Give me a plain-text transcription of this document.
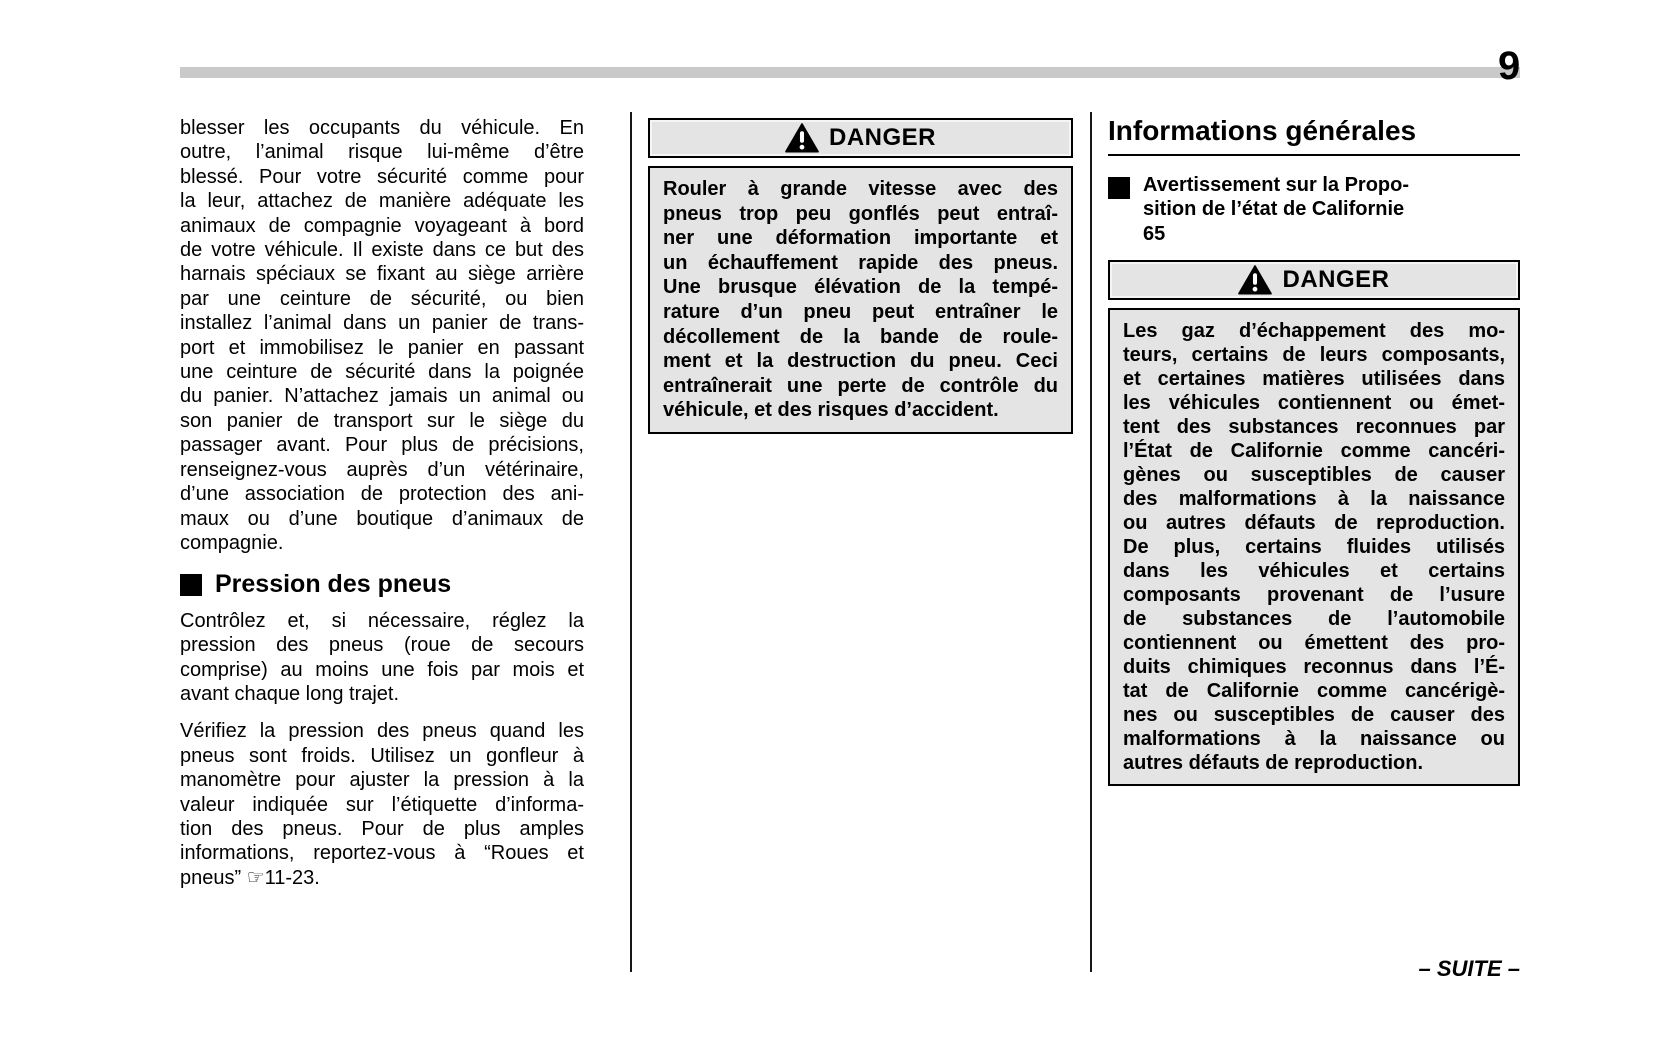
9
blesser les occupants du véhicule. En
outre, l’animal risque lui-même d’être
blessé. Pour votre sécurité comme pour
la leur, attachez de manière adéquate les
animaux de compagnie voyageant à bord
de votre véhicule. Il existe dans ce but des
harnais spéciaux se fixant au siège arrière
par une ceinture de sécurité, ou bien
installez l’animal dans un panier de trans-
port et immobilisez le panier en passant
une ceinture de sécurité dans la poignée
du panier. N’attachez jamais un animal ou
son panier de transport sur le siège du
passager avant. Pour plus de précisions,
renseignez-vous auprès d’un vétérinaire,
d’une association de protection des ani-
maux ou d’une boutique d’animaux de
compagnie.
Pression des pneus
Contrôlez et, si nécessaire, réglez la
pression des pneus (roue de secours
comprise) au moins une fois par mois et
avant chaque long trajet.
Vérifiez la pression des pneus quand les
pneus sont froids. Utilisez un gonfleur à
manomètre pour ajuster la pression à la
valeur indiquée sur l’étiquette d’informa-
tion des pneus. Pour de plus amples
informations, reportez-vous à “Roues et
pneus” ☞11-23.
DANGER
Rouler à grande vitesse avec des
pneus trop peu gonflés peut entraî-
ner une déformation importante et
un échauffement rapide des pneus.
Une brusque élévation de la tempé-
rature d’un pneu peut entraîner le
décollement de la bande de roule-
ment et la destruction du pneu. Ceci
entraînerait une perte de contrôle du
véhicule, et des risques d’accident.
Informations générales
Avertissement sur la Propo-
sition de l’état de Californie
65
DANGER
Les gaz d’échappement des mo-
teurs, certains de leurs composants,
et certaines matières utilisées dans
les véhicules contiennent ou émet-
tent des substances reconnues par
l’État de Californie comme cancéri-
gènes ou susceptibles de causer
des malformations à la naissance
ou autres défauts de reproduction.
De plus, certains fluides utilisés
dans les véhicules et certains
composants provenant de l’usure
de substances de l’automobile
contiennent ou émettent des pro-
duits chimiques reconnus dans l’É-
tat de Californie comme cancérigè-
nes ou susceptibles de causer des
malformations à la naissance ou
autres défauts de reproduction.
– SUITE –
